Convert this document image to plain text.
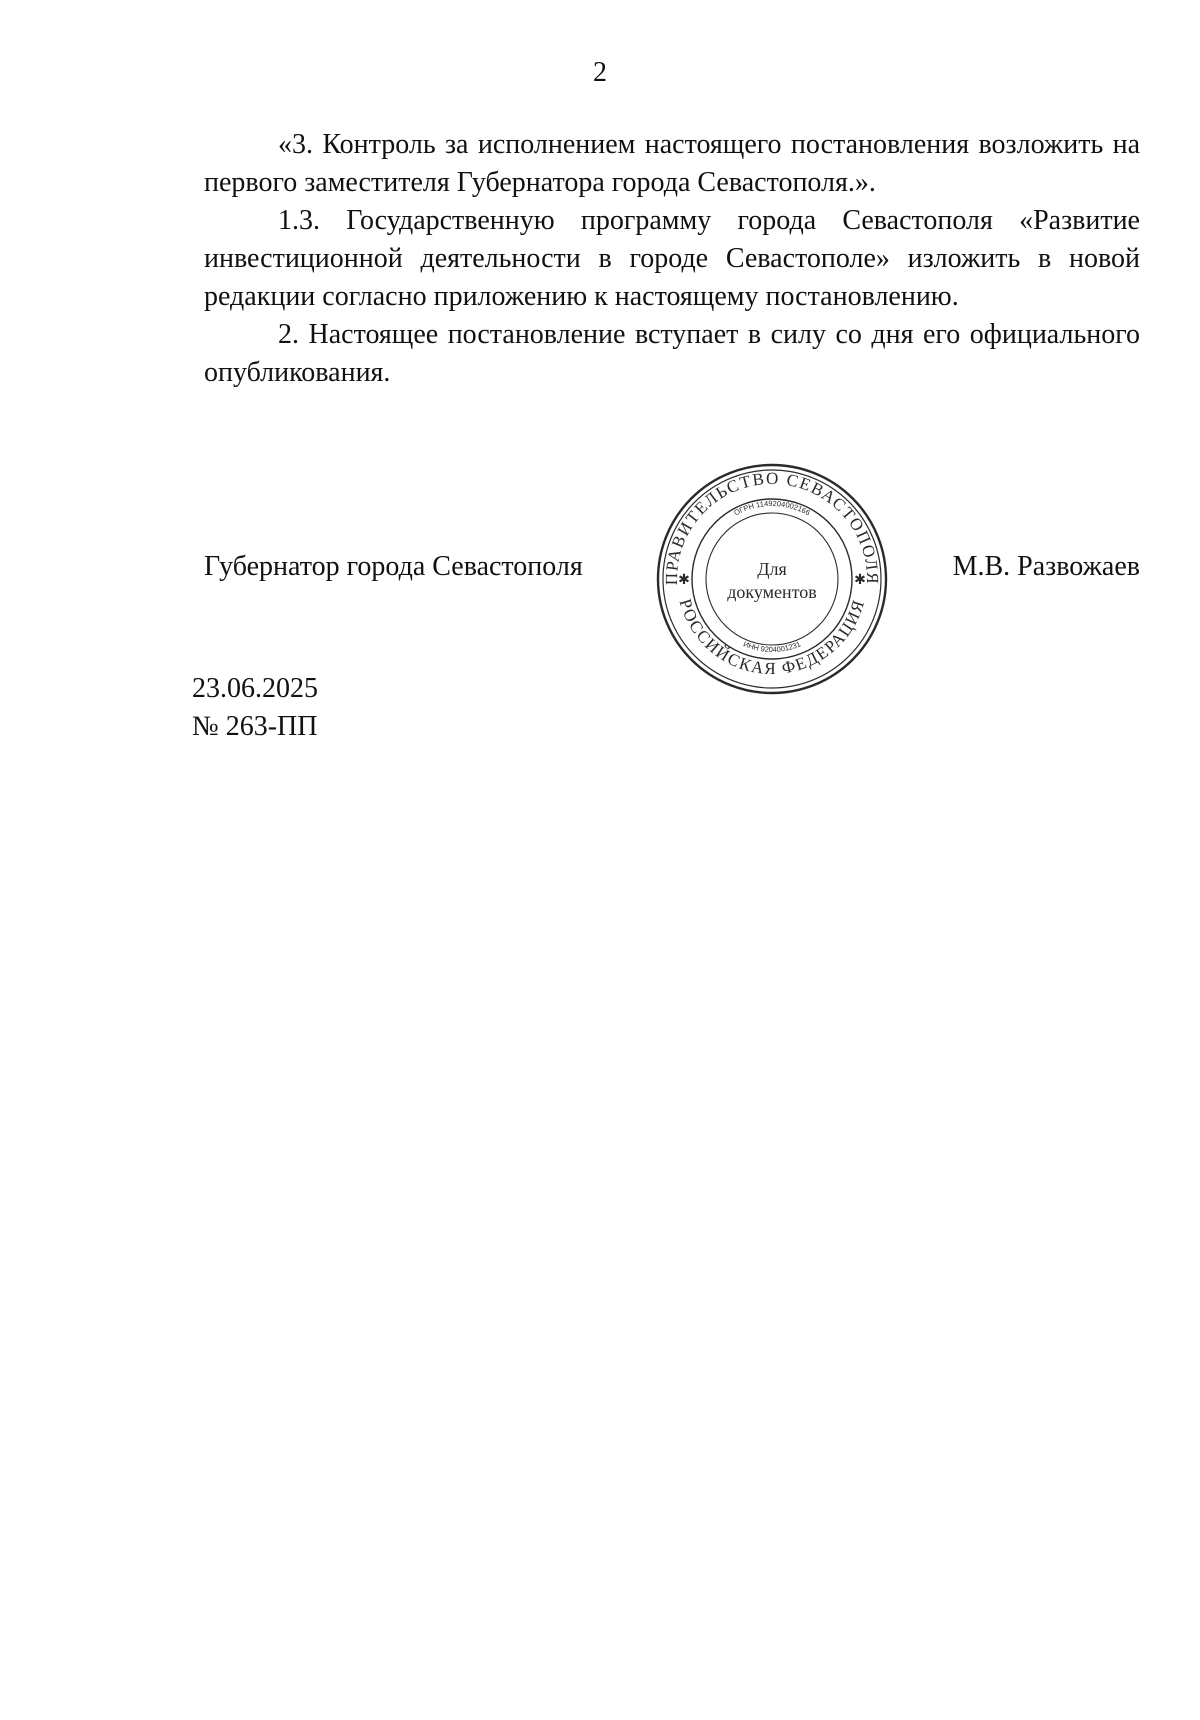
2

«3. Контроль за исполнением настоящего постановления возложить на первого заместителя Губернатора города Севастополя.».

1.3. Государственную программу города Севастополя «Развитие инвестиционной деятельности в городе Севастополе» изложить в новой редакции согласно приложению к настоящему постановлению.

2. Настоящее постановление вступает в силу со дня его официального опубликования.

Губернатор города Севастополя	М.В. Развожаев
ПРАВИТЕЛЬСТВО СЕВАСТОПОЛЯ
РОССИЙСКАЯ ФЕДЕРАЦИЯ
ОГРН 1149204002166
ИНН 9204001231
✱	✱
Для
документов
23.06.2025
№ 263-ПП
